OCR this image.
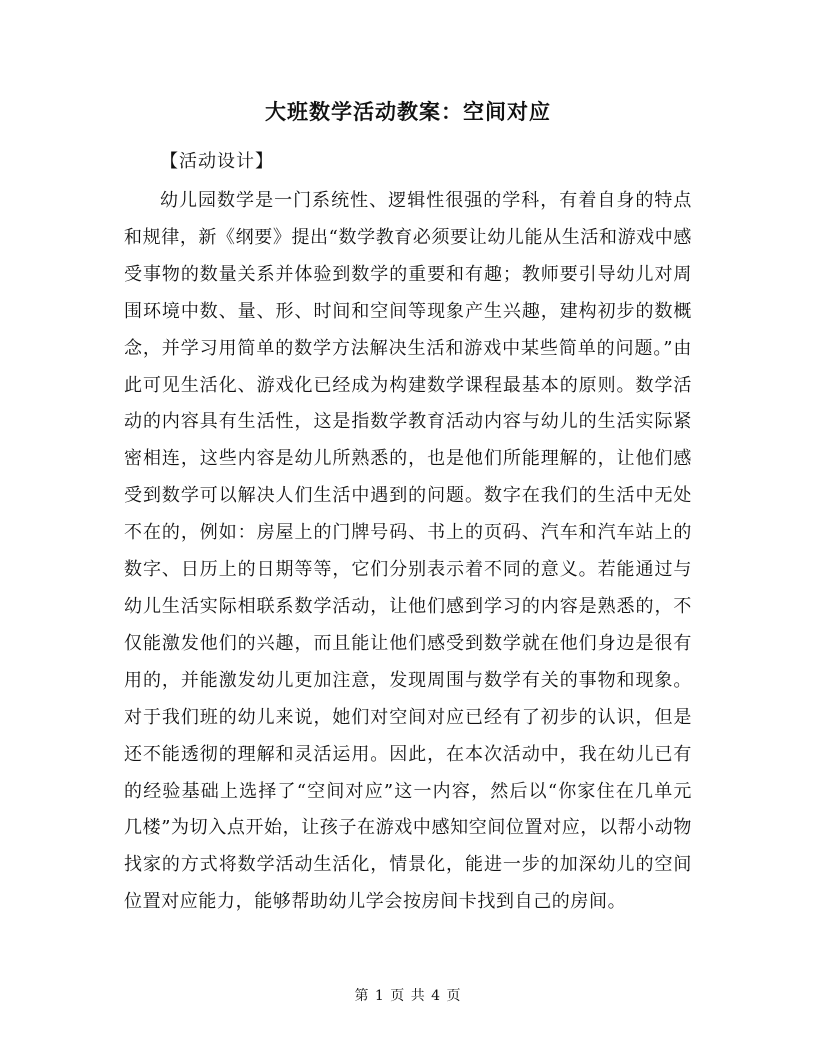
大班数学活动教案：空间对应
【活动设计】

幼儿园数学是一门系统性、逻辑性很强的学科，有着自身的特点和规律，新《纲要》提出“数学教育必须要让幼儿能从生活和游戏中感受事物的数量关系并体验到数学的重要和有趣；教师要引导幼儿对周围环境中数、量、形、时间和空间等现象产生兴趣，建构初步的数概念，并学习用简单的数学方法解决生活和游戏中某些简单的问题。”由此可见生活化、游戏化已经成为构建数学课程最基本的原则。数学活动的内容具有生活性，这是指数学教育活动内容与幼儿的生活实际紧密相连，这些内容是幼儿所熟悉的，也是他们所能理解的，让他们感受到数学可以解决人们生活中遇到的问题。数字在我们的生活中无处不在的，例如：房屋上的门牌号码、书上的页码、汽车和汽车站上的数字、日历上的日期等等，它们分别表示着不同的意义。若能通过与幼儿生活实际相联系数学活动，让他们感到学习的内容是熟悉的，不仅能激发他们的兴趣，而且能让他们感受到数学就在他们身边是很有用的，并能激发幼儿更加注意，发现周围与数学有关的事物和现象。对于我们班的幼儿来说，她们对空间对应已经有了初步的认识，但是还不能透彻的理解和灵活运用。因此，在本次活动中，我在幼儿已有的经验基础上选择了“空间对应”这一内容，然后以“你家住在几单元几楼”为切入点开始，让孩子在游戏中感知空间位置对应，以帮小动物找家的方式将数学活动生活化，情景化，能进一步的加深幼儿的空间位置对应能力，能够帮助幼儿学会按房间卡找到自己的房间。

第 1 页 共 4 页
